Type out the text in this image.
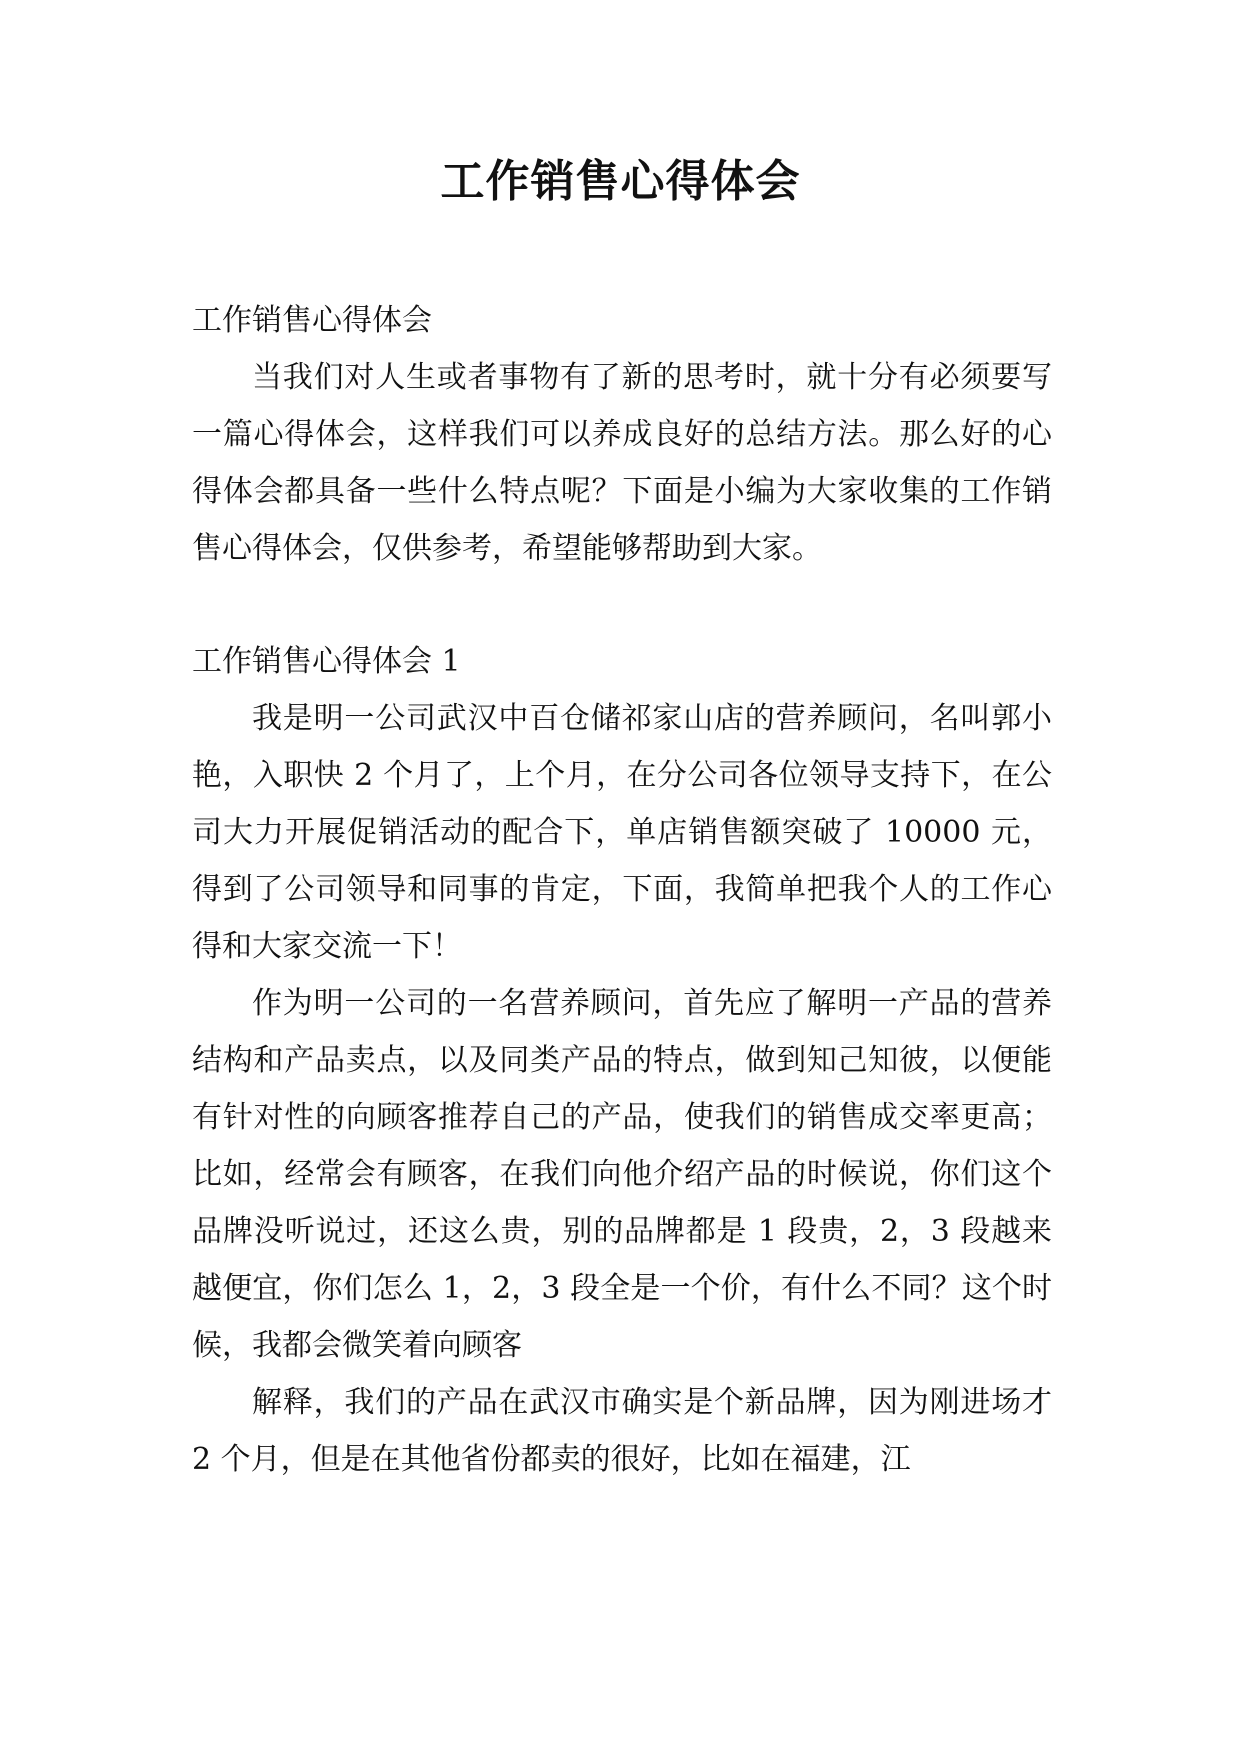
工作销售心得体会

工作销售心得体会

当我们对人生或者事物有了新的思考时，就十分有必须要写一篇心得体会，这样我们可以养成良好的总结方法。那么好的心得体会都具备一些什么特点呢？下面是小编为大家收集的工作销售心得体会，仅供参考，希望能够帮助到大家。

工作销售心得体会 1

我是明一公司武汉中百仓储祁家山店的营养顾问，名叫郭小艳，入职快 2 个月了，上个月，在分公司各位领导支持下，在公司大力开展促销活动的配合下，单店销售额突破了 10000 元，得到了公司领导和同事的肯定，下面，我简单把我个人的工作心得和大家交流一下！

作为明一公司的一名营养顾问，首先应了解明一产品的营养结构和产品卖点，以及同类产品的特点，做到知己知彼，以便能有针对性的向顾客推荐自己的产品，使我们的销售成交率更高；比如，经常会有顾客，在我们向他介绍产品的时候说，你们这个品牌没听说过，还这么贵，别的品牌都是 1 段贵，2，3 段越来越便宜，你们怎么 1，2，3 段全是一个价，有什么不同？这个时候，我都会微笑着向顾客

解释，我们的产品在武汉市确实是个新品牌，因为刚进场才 2 个月，但是在其他省份都卖的很好，比如在福建，江
